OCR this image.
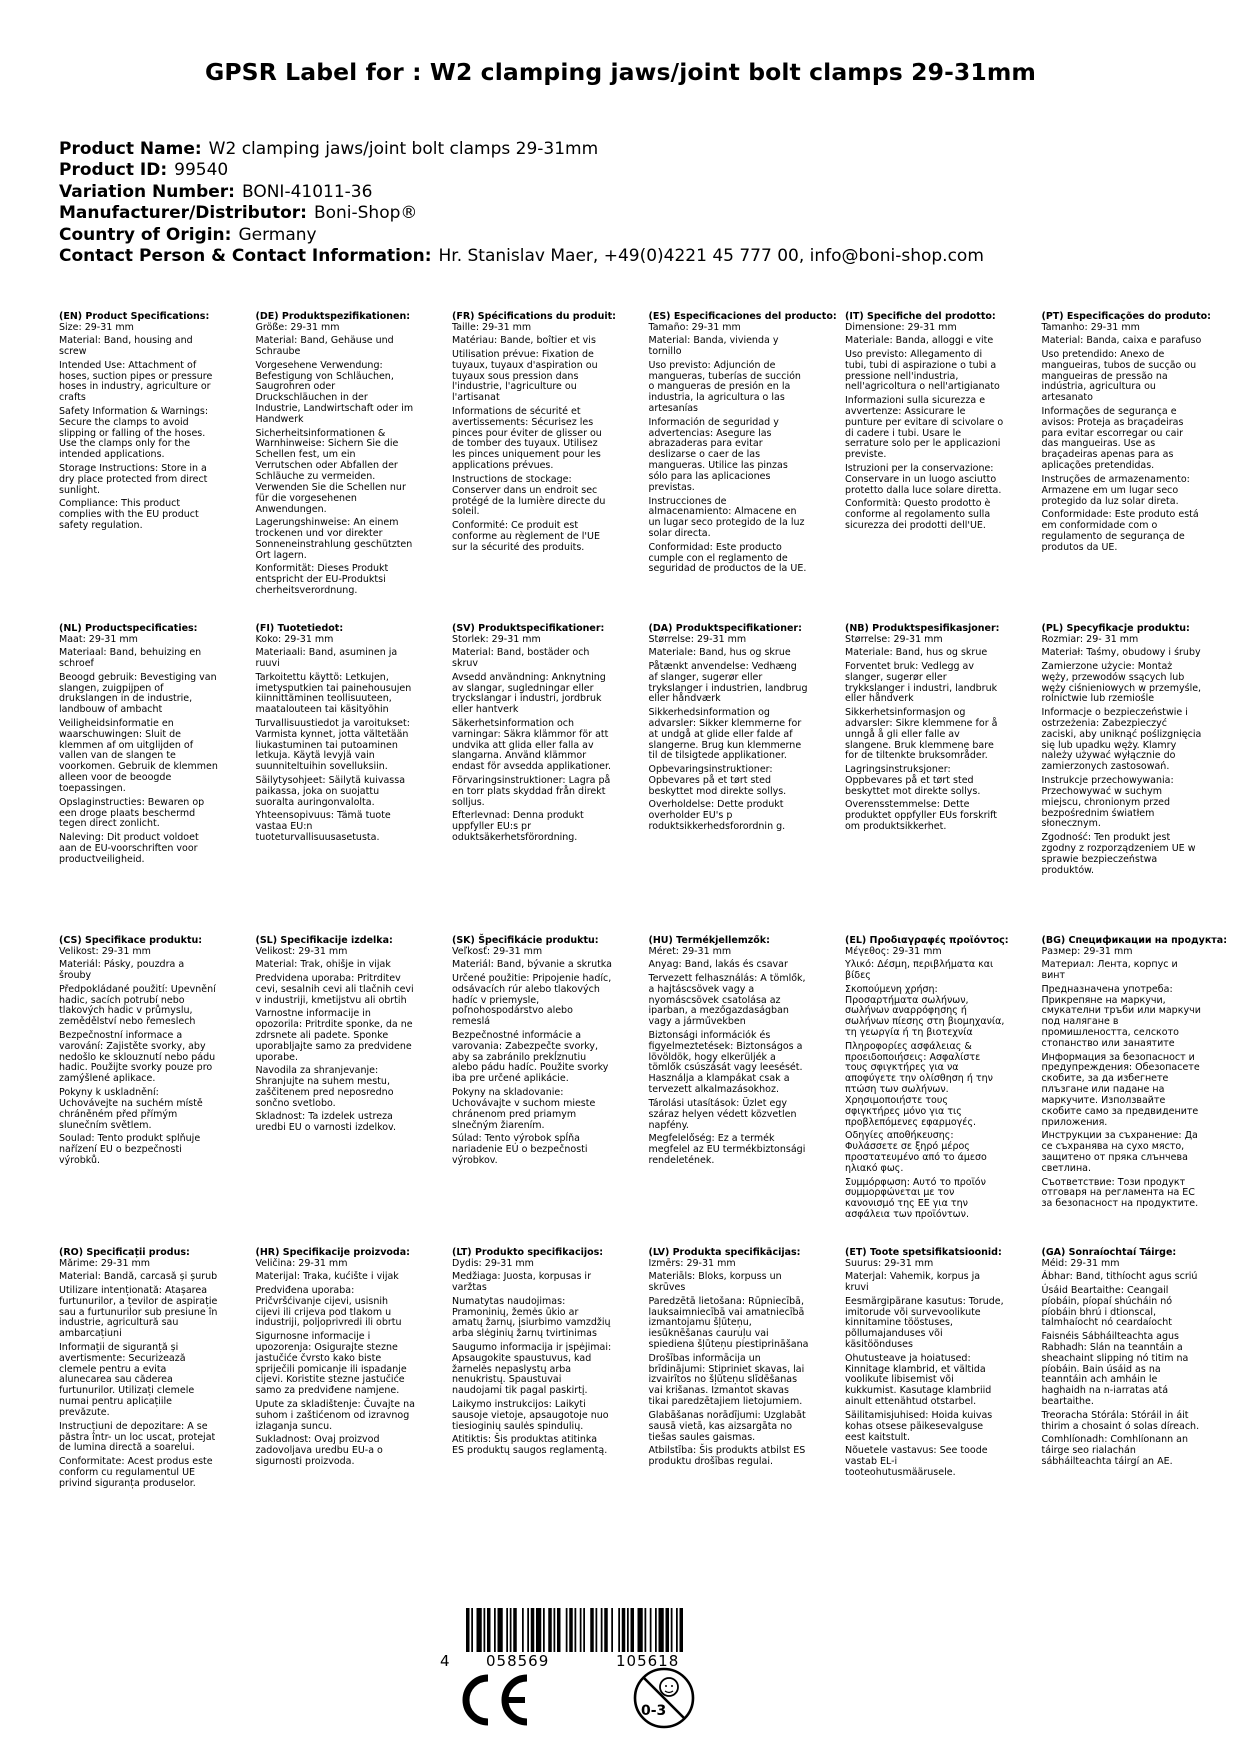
GPSR Label for : W2 clamping jaws/joint bolt clamps 29-31mm
Product Name: W2 clamping jaws/joint bolt clamps 29-31mm
Product ID: 99540
Variation Number: BONI-41011-36
Manufacturer/Distributor: Boni-Shop®
Country of Origin: Germany
Contact Person & Contact Information: Hr. Stanislav Maer, +49(0)4221 45 777 00, info@boni-shop.com
(EN) Product Specifications:

Size: 29-31 mm

Material: Band, housing and screw

Intended Use: Attachment of hoses, suction pipes or pressure hoses in industry, agriculture or crafts

Safety Information & Warnings: Secure the clamps to avoid slipping or falling of the hoses. Use the clamps only for the intended applications.

Storage Instructions: Store in a dry place protected from direct sunlight.

Compliance: This product complies with the EU product safety regulation.

(DE) Produktspezifikationen:

Größe: 29-31 mm

Material: Band, Gehäuse und Schraube

Vorgesehene Verwendung: Befestigung von Schläuchen, Saugrohren oder Druckschläuchen in der Industrie, Landwirtschaft oder im Handwerk

Sicherheitsinformationen & Warnhinweise: Sichern Sie die Schellen fest, um ein Verrutschen oder Abfallen der Schläuche zu vermeiden. Verwenden Sie die Schellen nur für die vorgesehenen Anwendungen.

Lagerungshinweise: An einem trockenen und vor direkter Sonneneinstrahlung geschützten Ort lagern.

Konformität: Dieses Produkt entspricht der EU-Produktsi cherheitsverordnung.

(FR) Spécifications du produit:

Taille: 29-31 mm

Matériau: Bande, boîtier et vis

Utilisation prévue: Fixation de tuyaux, tuyaux d'aspiration ou tuyaux sous pression dans l'industrie, l'agriculture ou l'artisanat

Informations de sécurité et avertissements: Sécurisez les pinces pour éviter de glisser ou de tomber des tuyaux. Utilisez les pinces uniquement pour les applications prévues.

Instructions de stockage: Conserver dans un endroit sec protégé de la lumière directe du soleil.

Conformité: Ce produit est conforme au règlement de l'UE sur la sécurité des produits.

(ES) Especificaciones del producto:

Tamaño: 29-31 mm

Material: Banda, vivienda y tornillo

Uso previsto: Adjunción de mangueras, tuberías de succión o mangueras de presión en la industria, la agricultura o las artesanías

Información de seguridad y advertencias: Asegure las abrazaderas para evitar deslizarse o caer de las mangueras. Utilice las pinzas sólo para las aplicaciones previstas.

Instrucciones de almacenamiento: Almacene en un lugar seco protegido de la luz solar directa.

Conformidad: Este producto cumple con el reglamento de seguridad de productos de la UE.

(IT) Specifiche del prodotto:

Dimensione: 29-31 mm

Materiale: Banda, alloggi e vite

Uso previsto: Allegamento di tubi, tubi di aspirazione o tubi a pressione nell'industria, nell'agricoltura o nell'artigianato

Informazioni sulla sicurezza e avvertenze: Assicurare le punture per evitare di scivolare o di cadere i tubi. Usare le serrature solo per le applicazioni previste.

Istruzioni per la conservazione: Conservare in un luogo asciutto protetto dalla luce solare diretta.

Conformità: Questo prodotto è conforme al regolamento sulla sicurezza dei prodotti dell'UE.

(PT) Especificações do produto:

Tamanho: 29-31 mm

Material: Banda, caixa e parafuso

Uso pretendido: Anexo de mangueiras, tubos de sucção ou mangueiras de pressão na indústria, agricultura ou artesanato

Informações de segurança e avisos: Proteja as braçadeiras para evitar escorregar ou cair das mangueiras. Use as braçadeiras apenas para as aplicações pretendidas.

Instruções de armazenamento: Armazene em um lugar seco protegido da luz solar direta.

Conformidade: Este produto está em conformidade com o regulamento de segurança de produtos da UE.

(NL) Productspecificaties:

Maat: 29-31 mm

Materiaal: Band, behuizing en schroef

Beoogd gebruik: Bevestiging van slangen, zuigpijpen of drukslangen in de industrie, landbouw of ambacht

Veiligheidsinformatie en waarschuwingen: Sluit de klemmen af om uitglijden of vallen van de slangen te voorkomen. Gebruik de klemmen alleen voor de beoogde toepassingen.

Opslaginstructies: Bewaren op een droge plaats beschermd tegen direct zonlicht.

Naleving: Dit product voldoet aan de EU-voorschriften voor productveiligheid.

(FI) Tuotetiedot:

Koko: 29-31 mm

Materiaali: Band, asuminen ja ruuvi

Tarkoitettu käyttö: Letkujen, imetysputkien tai painehousujen kiinnittäminen teollisuuteen, maatalouteen tai käsityöhin

Turvallisuustiedot ja varoitukset: Varmista kynnet, jotta vältetään liukastuminen tai putoaminen letkuja. Käytä levyjä vain suunniteltuihin sovelluksiin.

Säilytysohjeet: Säilytä kuivassa paikassa, joka on suojattu suoralta auringonvalolta.

Yhteensopivuus: Tämä tuote vastaa EU:n tuoteturvallisuusasetusta.

(SV) Produktspecifikationer:

Storlek: 29-31 mm

Material: Band, bostäder och skruv

Avsedd användning: Anknytning av slangar, sugledningar eller tryckslangar i industri, jordbruk eller hantverk

Säkerhetsinformation och varningar: Säkra klämmor för att undvika att glida eller falla av slangarna. Använd klämmor endast för avsedda applikationer.

Förvaringsinstruktioner: Lagra på en torr plats skyddad från direkt solljus.

Efterlevnad: Denna produkt uppfyller EU:s pr oduktsäkerhetsförordning.

(DA) Produktspecifikationer:

Størrelse: 29-31 mm

Materiale: Band, hus og skrue

Påtænkt anvendelse: Vedhæng af slanger, sugerør eller trykslanger i industrien, landbrug eller håndværk

Sikkerhedsinformation og advarsler: Sikker klemmerne for at undgå at glide eller falde af slangerne. Brug kun klemmerne til de tilsigtede applikationer.

Opbevaringsinstruktioner: Opbevares på et tørt sted beskyttet mod direkte sollys.

Overholdelse: Dette produkt overholder EU's p roduktsikkerhedsforordnin g.

(NB) Produktspesifikasjoner:

Størrelse: 29-31 mm

Materiale: Band, hus og skrue

Forventet bruk: Vedlegg av slanger, sugerør eller trykkslanger i industri, landbruk eller håndverk

Sikkerhetsinformasjon og advarsler: Sikre klemmene for å unngå å gli eller falle av slangene. Bruk klemmene bare for de tiltenkte bruksområder.

Lagringsinstruksjoner: Oppbevares på et tørt sted beskyttet mot direkte sollys.

Overensstemmelse: Dette produktet oppfyller EUs forskrift om produktsikkerhet.

(PL) Specyfikacje produktu:

Rozmiar: 29- 31 mm

Materiał: Taśmy, obudowy i śruby

Zamierzone użycie: Montaż węży, przewodów ssących lub węży ciśnieniowych w przemyśle, rolnictwie lub rzemiośle

Informacje o bezpieczeństwie i ostrzeżenia: Zabezpieczyć zaciski, aby uniknąć poślizgnięcia się lub upadku węży. Klamry należy używać wyłącznie do zamierzonych zastosowań.

Instrukcje przechowywania: Przechowywać w suchym miejscu, chronionym przed bezpośrednim światłem słonecznym.

Zgodność: Ten produkt jest zgodny z rozporządzeniem UE w sprawie bezpieczeństwa produktów.

(CS) Specifikace produktu:

Velikost: 29-31 mm

Materiál: Pásky, pouzdra a šrouby

Předpokládané použití: Upevnění hadic, sacích potrubí nebo tlakových hadic v průmyslu, zemědělství nebo řemeslech

Bezpečnostní informace a varování: Zajistěte svorky, aby nedošlo ke sklouznutí nebo pádu hadic. Použijte svorky pouze pro zamýšlené aplikace.

Pokyny k uskladnění: Uchovávejte na suchém místě chráněném před přímým slunečním světlem.

Soulad: Tento produkt splňuje nařízení EU o bezpečnosti výrobků.

(SL) Specifikacije izdelka:

Velikost: 29-31 mm

Material: Trak, ohišje in vijak

Predvidena uporaba: Pritrditev cevi, sesalnih cevi ali tlačnih cevi v industriji, kmetijstvu ali obrtih

Varnostne informacije in opozorila: Pritrdite sponke, da ne zdrsnete ali padete. Sponke uporabljajte samo za predvidene uporabe.

Navodila za shranjevanje: Shranjujte na suhem mestu, zaščitenem pred neposredno sončno svetlobo.

Skladnost: Ta izdelek ustreza uredbi EU o varnosti izdelkov.

(SK) Špecifikácie produktu:

Veľkosť: 29-31 mm

Materiál: Band, bývanie a skrutka

Určené použitie: Pripojenie hadíc, odsávacích rúr alebo tlakových hadíc v priemysle, poľnohospodárstvo alebo remeslá

Bezpečnostné informácie a varovania: Zabezpečte svorky, aby sa zabránilo prekĺznutiu alebo pádu hadíc. Použite svorky iba pre určené aplikácie.

Pokyny na skladovanie: Uchovávajte v suchom mieste chránenom pred priamym slnečným žiarením.

Súlad: Tento výrobok spĺňa nariadenie EÚ o bezpečnosti výrobkov.

(HU) Termékjellemzők:

Méret: 29-31 mm

Anyag: Band, lakás és csavar

Tervezett felhasználás: A tömlők, a hajtáscsövek vagy a nyomáscsövek csatolása az iparban, a mezőgazdaságban vagy a járművekben

Biztonsági információk és figyelmeztetések: Biztonságos a lövöldök, hogy elkerüljék a tömlők csúszását vagy leesését. Használja a klampákat csak a tervezett alkalmazásokhoz.

Tárolási utasítások: Üzlet egy száraz helyen védett közvetlen napfény.

Megfelelőség: Ez a termék megfelel az EU termékbiztonsági rendeletének.

(EL) Προδιαγραφές προϊόντος:

Μέγεθος: 29-31 mm

Υλικό: Δέσμη, περιβλήματα και βίδες

Σκοπούμενη χρήση: Προσαρτήματα σωλήνων, σωλήνων αναρρόφησης ή σωλήνων πίεσης στη βιομηχανία, τη γεωργία ή τη βιοτεχνία

Πληροφορίες ασφάλειας & προειδοποιήσεις: Ασφαλίστε τους σφιγκτήρες για να αποφύγετε την ολίσθηση ή την πτώση των σωλήνων. Χρησιμοποιήστε τους σφιγκτήρες μόνο για τις προβλεπόμενες εφαρμογές.

Οδηγίες αποθήκευσης: Φυλάσσετε σε ξηρό μέρος προστατευμένο από το άμεσο ηλιακό φως.

Συμμόρφωση: Αυτό το προϊόν συμμορφώνεται με τον κανονισμό της ΕΕ για την ασφάλεια των προϊόντων.

(BG) Спецификации на продукта:

Размер: 29-31 mm

Материал: Лента, корпус и винт

Предназначена употреба: Прикрепяне на маркучи, смукателни тръби или маркучи под налягане в промишлеността, селското стопанство или занаятите

Информация за безопасност и предупреждения: Обезопасете скобите, за да избегнете плъзгане или падане на маркучите. Използвайте скобите само за предвидените приложения.

Инструкции за съхранение: Да се съхранява на сухо място, защитено от пряка слънчева светлина.

Съответствие: Този продукт отговаря на регламента на ЕС за безопасност на продуктите.

(RO) Specificații produs:

Mărime: 29-31 mm

Material: Bandă, carcasă și șurub

Utilizare intenționată: Atașarea furtunurilor, a țevilor de aspirație sau a furtunurilor sub presiune în industrie, agricultură sau ambarcațiuni

Informații de siguranță și avertismente: Securizează clemele pentru a evita alunecarea sau căderea furtunurilor. Utilizați clemele numai pentru aplicațiile prevăzute.

Instrucțiuni de depozitare: A se păstra într- un loc uscat, protejat de lumina directă a soarelui.

Conformitate: Acest produs este conform cu regulamentul UE privind siguranța produselor.

(HR) Specifikacije proizvoda:

Veličina: 29-31 mm

Materijal: Traka, kućište i vijak

Predviđena uporaba: Pričvršćivanje cijevi, usisnih cijevi ili crijeva pod tlakom u industriji, poljoprivredi ili obrtu

Sigurnosne informacije i upozorenja: Osigurajte stezne jastučiće čvrsto kako biste spriječili pomicanje ili ispadanje cijevi. Koristite stezne jastučiće samo za predviđene namjene.

Upute za skladištenje: Čuvajte na suhom i zaštićenom od izravnog izlaganja suncu.

Sukladnost: Ovaj proizvod zadovoljava uredbu EU-a o sigurnosti proizvoda.

(LT) Produkto specifikacijos:

Dydis: 29-31 mm

Medžiaga: Juosta, korpusas ir varžtas

Numatytas naudojimas: Pramoninių, žemės ūkio ar amatų žarnų, įsiurbimo vamzdžių arba slėginių žarnų tvirtinimas

Saugumo informacija ir įspėjimai: Apsaugokite spaustuvus, kad žarnelės nepaslystų arba nenukristų. Spaustuvai naudojami tik pagal paskirtį.

Laikymo instrukcijos: Laikyti sausoje vietoje, apsaugotoje nuo tiesioginių saulės spindulių.

Atitiktis: Šis produktas atitinka ES produktų saugos reglamentą.

(LV) Produkta specifikācijas:

Izmērs: 29-31 mm

Materiāls: Bloks, korpuss un skrūves

Paredzētā lietošana: Rūpniecībā, lauksaimniecībā vai amatniecībā izmantojamu šļūteņu, iesūknēšanas cauruļu vai spiediena šļūteņu piestiprināšana

Drošības informācija un brīdinājumi: Stipriniet skavas, lai izvairītos no šļūteņu slīdēšanas vai krišanas. Izmantot skavas tikai paredzētajiem lietojumiem.

Glabāšanas norādījumi: Uzglabāt sausā vietā, kas aizsargāta no tiešas saules gaismas.

Atbilstība: Šis produkts atbilst ES produktu drošības regulai.

(ET) Toote spetsifikatsioonid:

Suurus: 29-31 mm

Materjal: Vahemik, korpus ja kruvi

Eesmärgipärane kasutus: Torude, imitorude või survevoolikute kinnitamine tööstuses, põllumajanduses või käsitöönduses

Ohutusteave ja hoiatused: Kinnitage klambrid, et vältida voolikute libisemist või kukkumist. Kasutage klambriid ainult ettenähtud otstarbel.

Säilitamisjuhised: Hoida kuivas kohas otsese päikesevalguse eest kaitstult.

Nõuetele vastavus: See toode vastab EL-i tooteohutusmäärusele.

(GA) Sonraíochtaí Táirge:

Méid: 29-31 mm

Ábhar: Band, tithíocht agus scriú

Úsáid Beartaithe: Ceangail píobáin, píopaí shúcháin nó píobáin bhrú i dtionscal, talmhaíocht nó ceardaíocht

Faisnéis Sábháilteachta agus Rabhadh: Slán na teanntáin a sheachaint slipping nó titim na píobáin. Bain úsáid as na teanntáin ach amháin le haghaidh na n-iarratas atá beartaithe.

Treoracha Stórála: Stóráil in áit thirim a chosaint ó solas díreach.

Comhlíonadh: Comhlíonann an táirge seo rialachán sábháilteachta táirgí an AE.

4 058569	105618
0-3
